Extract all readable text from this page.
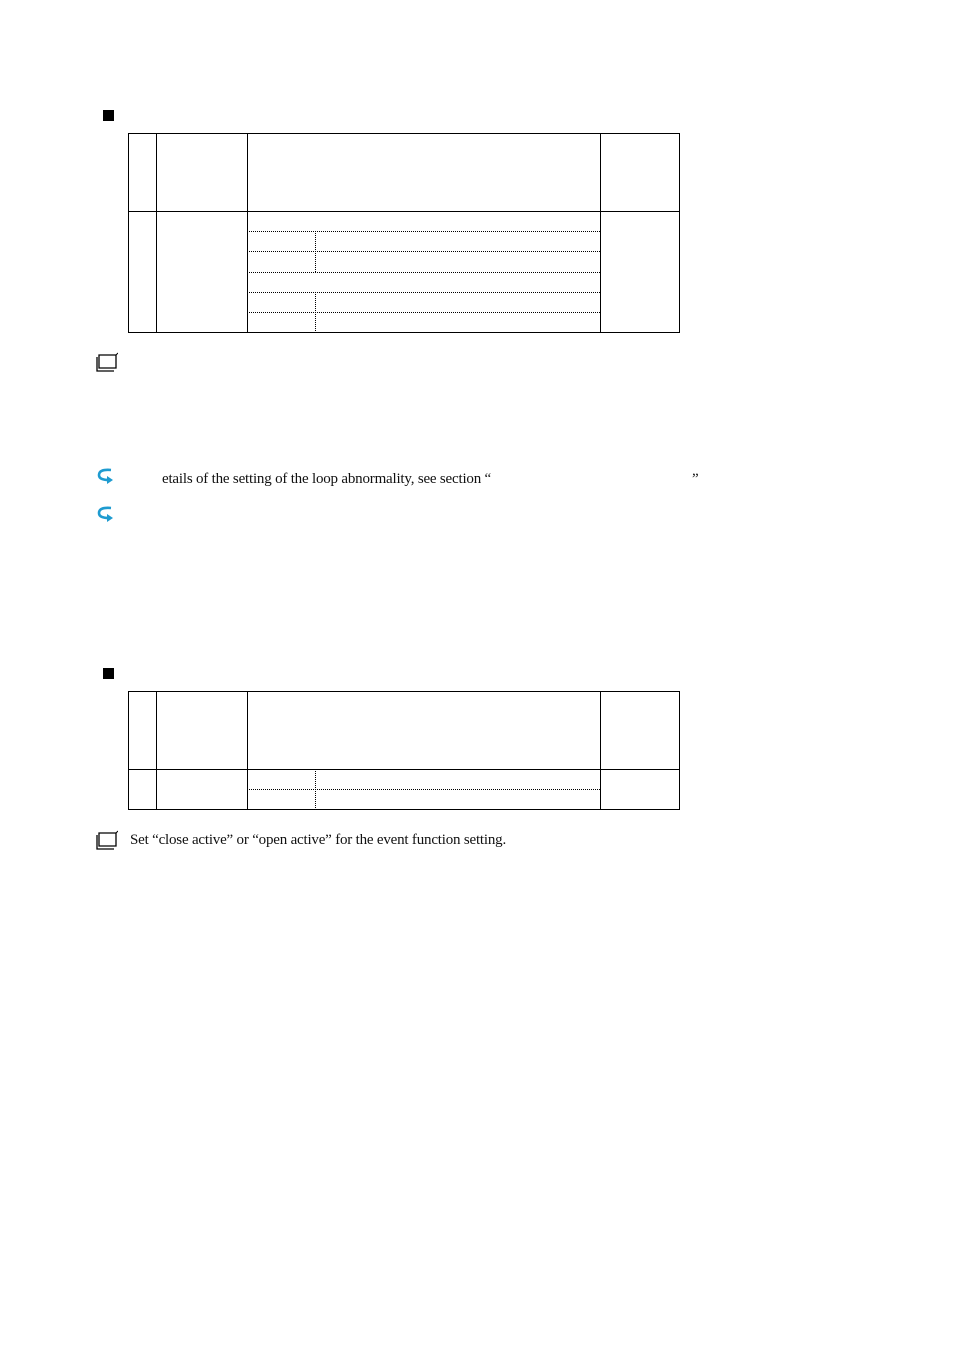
etails of the setting of the loop abnormality, see section “	”
Set “close active” or “open active” for the event function setting.
